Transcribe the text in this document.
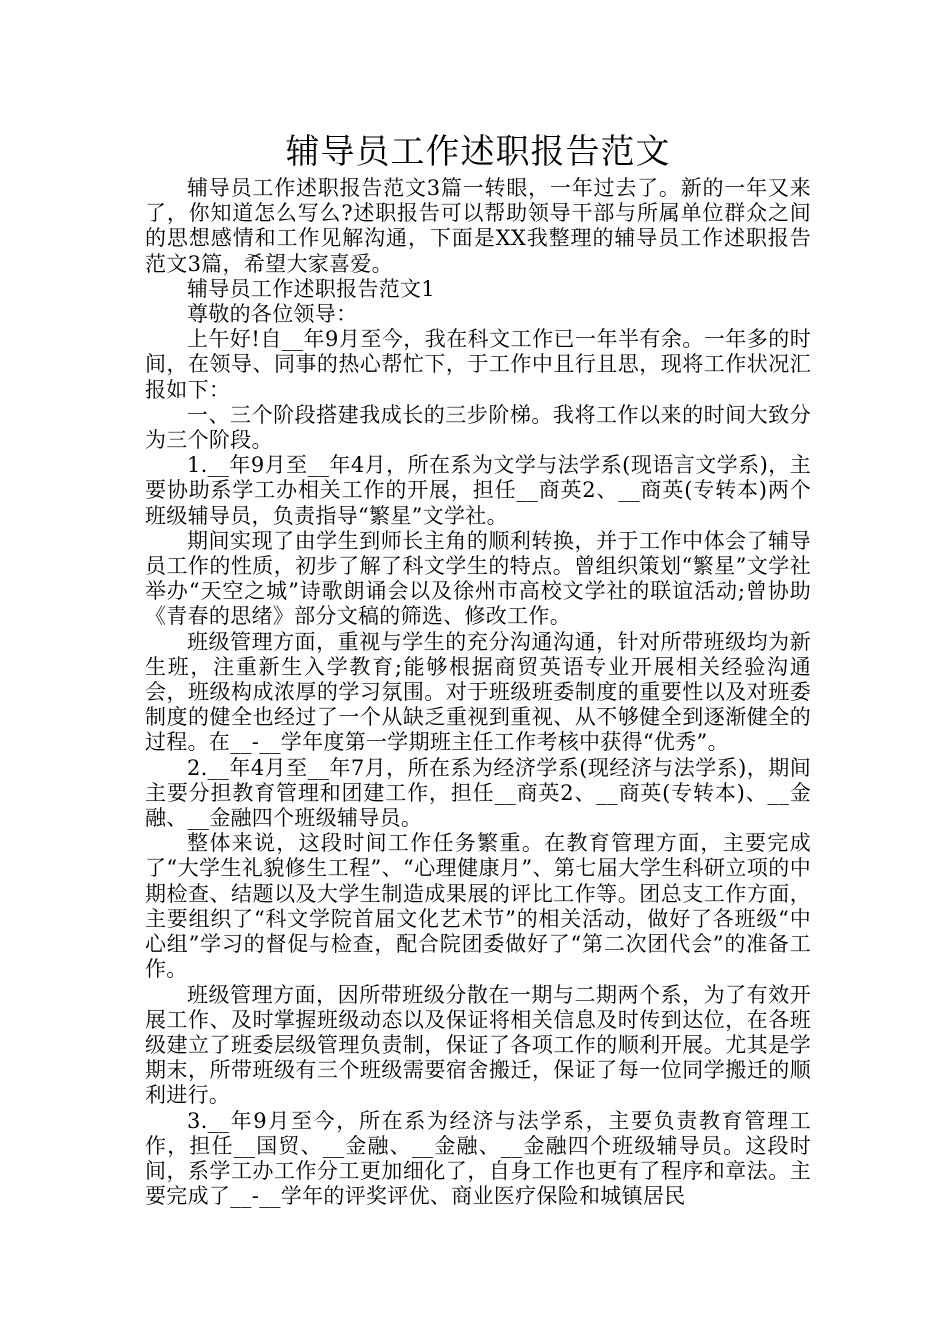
辅导员工作述职报告范文

辅导员工作述职报告范文3篇一转眼，一年过去了。新的一年又来了，你知道怎么写么?述职报告可以帮助领导干部与所属单位群众之间的思想感情和工作见解沟通，下面是XX我整理的辅导员工作述职报告范文3篇，希望大家喜爱。

辅导员工作述职报告范文1

尊敬的各位领导：

上午好!自__年9月至今，我在科文工作已一年半有余。一年多的时间，在领导、同事的热心帮忙下，于工作中且行且思，现将工作状况汇报如下：

一、三个阶段搭建我成长的三步阶梯。我将工作以来的时间大致分为三个阶段。

1.__年9月至__年4月，所在系为文学与法学系(现语言文学系)，主要协助系学工办相关工作的开展，担任__商英2、__商英(专转本)两个班级辅导员，负责指导“繁星”文学社。

期间实现了由学生到师长主角的顺利转换，并于工作中体会了辅导员工作的性质，初步了解了科文学生的特点。曾组织策划“繁星”文学社举办“天空之城”诗歌朗诵会以及徐州市高校文学社的联谊活动;曾协助《青春的思绪》部分文稿的筛选、修改工作。

班级管理方面，重视与学生的充分沟通沟通，针对所带班级均为新生班，注重新生入学教育;能够根据商贸英语专业开展相关经验沟通会，班级构成浓厚的学习氛围。对于班级班委制度的重要性以及对班委制度的健全也经过了一个从缺乏重视到重视、从不够健全到逐渐健全的过程。在__-__学年度第一学期班主任工作考核中获得“优秀”。

2.__年4月至__年7月，所在系为经济学系(现经济与法学系)，期间主要分担教育管理和团建工作，担任__商英2、__商英(专转本)、__金融、__金融四个班级辅导员。

整体来说，这段时间工作任务繁重。在教育管理方面，主要完成了“大学生礼貌修生工程”、“心理健康月”、第七届大学生科研立项的中期检查、结题以及大学生制造成果展的评比工作等。团总支工作方面，主要组织了“科文学院首届文化艺术节”的相关活动，做好了各班级“中心组”学习的督促与检查，配合院团委做好了“第二次团代会”的准备工作。

班级管理方面，因所带班级分散在一期与二期两个系，为了有效开展工作、及时掌握班级动态以及保证将相关信息及时传到达位，在各班级建立了班委层级管理负责制，保证了各项工作的顺利开展。尤其是学期末，所带班级有三个班级需要宿舍搬迁，保证了每一位同学搬迁的顺利进行。

3.__年9月至今，所在系为经济与法学系，主要负责教育管理工作，担任__国贸、__金融、__金融、__金融四个班级辅导员。这段时间，系学工办工作分工更加细化了，自身工作也更有了程序和章法。主要完成了__-__学年的评奖评优、商业医疗保险和城镇居民
